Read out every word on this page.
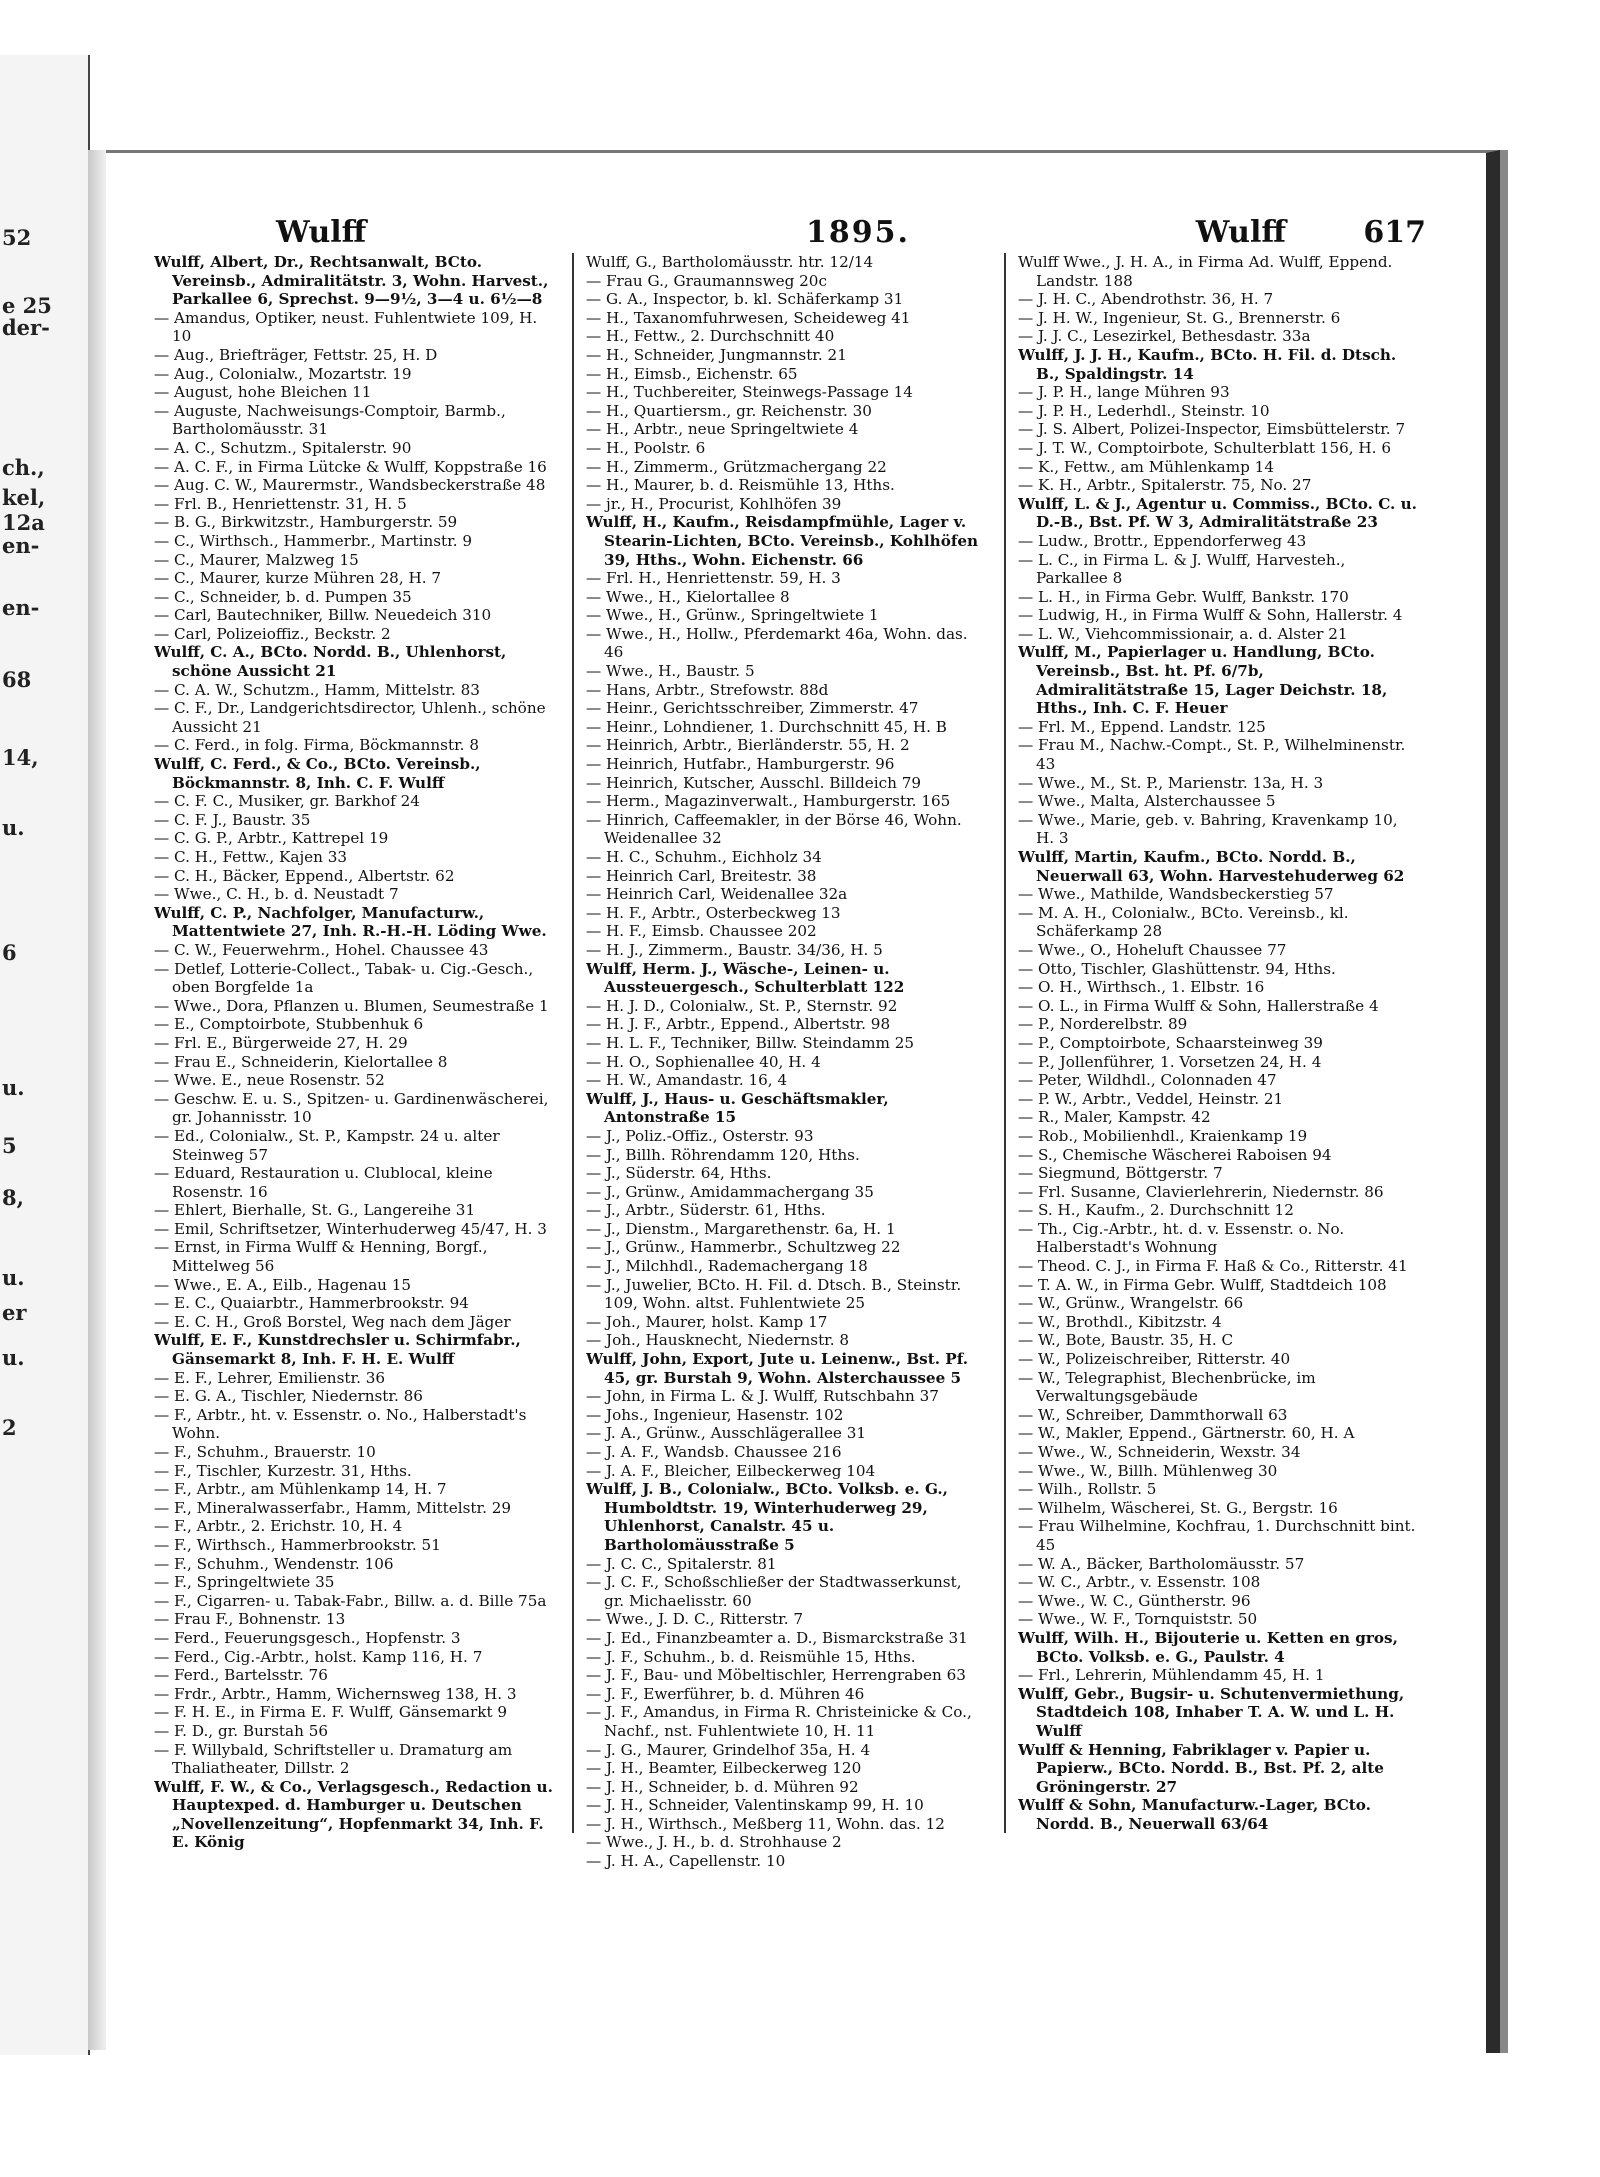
52
e 25
der-
ch.,
kel,
12a
en-
en-
68
14,
u.
6
u.
5
8,
u.
er
u.
2
Wulff	1895.	Wulff	617

Wulff, Albert, Dr., Rechtsanwalt, BCto. Vereinsb., Admiralitätstr. 3, Wohn. Harvest., Parkallee 6, Sprechst. 9—9½, 3—4 u. 6½—8

— Amandus, Optiker, neust. Fuhlentwiete 109, H. 10

— Aug., Briefträger, Fettstr. 25, H. D

— Aug., Colonialw., Mozartstr. 19

— August, hohe Bleichen 11

— Auguste, Nachweisungs-Comptoir, Barmb., Bartholomäusstr. 31

— A. C., Schutzm., Spitalerstr. 90

— A. C. F., in Firma Lütcke & Wulff, Koppstraße 16

— Aug. C. W., Maurermstr., Wandsbeckerstraße 48

— Frl. B., Henriettenstr. 31, H. 5

— B. G., Birkwitzstr., Hamburgerstr. 59

— C., Wirthsch., Hammerbr., Martinstr. 9

— C., Maurer, Malzweg 15

— C., Maurer, kurze Mühren 28, H. 7

— C., Schneider, b. d. Pumpen 35

— Carl, Bautechniker, Billw. Neuedeich 310

— Carl, Polizeioffiz., Beckstr. 2

Wulff, C. A., BCto. Nordd. B., Uhlenhorst, schöne Aussicht 21

— C. A. W., Schutzm., Hamm, Mittelstr. 83

— C. F., Dr., Landgerichtsdirector, Uhlenh., schöne Aussicht 21

— C. Ferd., in folg. Firma, Böckmannstr. 8

Wulff, C. Ferd., & Co., BCto. Vereinsb., Böckmannstr. 8, Inh. C. F. Wulff

— C. F. C., Musiker, gr. Barkhof 24

— C. F. J., Baustr. 35

— C. G. P., Arbtr., Kattrepel 19

— C. H., Fettw., Kajen 33

— C. H., Bäcker, Eppend., Albertstr. 62

— Wwe., C. H., b. d. Neustadt 7

Wulff, C. P., Nachfolger, Manufacturw., Mattentwiete 27, Inh. R.-H.-H. Löding Wwe.

— C. W., Feuerwehrm., Hohel. Chaussee 43

— Detlef, Lotterie-Collect., Tabak- u. Cig.-Gesch., oben Borgfelde 1a

— Wwe., Dora, Pflanzen u. Blumen, Seumestraße 1

— E., Comptoirbote, Stubbenhuk 6

— Frl. E., Bürgerweide 27, H. 29

— Frau E., Schneiderin, Kielortallee 8

— Wwe. E., neue Rosenstr. 52

— Geschw. E. u. S., Spitzen- u. Gardinenwäscherei, gr. Johannisstr. 10

— Ed., Colonialw., St. P., Kampstr. 24 u. alter Steinweg 57

— Eduard, Restauration u. Clublocal, kleine Rosenstr. 16

— Ehlert, Bierhalle, St. G., Langereihe 31

— Emil, Schriftsetzer, Winterhuderweg 45/47, H. 3

— Ernst, in Firma Wulff & Henning, Borgf., Mittelweg 56

— Wwe., E. A., Eilb., Hagenau 15

— E. C., Quaiarbtr., Hammerbrookstr. 94

— E. C. H., Groß Borstel, Weg nach dem Jäger

Wulff, E. F., Kunstdrechsler u. Schirmfabr., Gänsemarkt 8, Inh. F. H. E. Wulff

— E. F., Lehrer, Emilienstr. 36

— E. G. A., Tischler, Niedernstr. 86

— F., Arbtr., ht. v. Essenstr. o. No., Halberstadt's Wohn.

— F., Schuhm., Brauerstr. 10

— F., Tischler, Kurzestr. 31, Hths.

— F., Arbtr., am Mühlenkamp 14, H. 7

— F., Mineralwasserfabr., Hamm, Mittelstr. 29

— F., Arbtr., 2. Erichstr. 10, H. 4

— F., Wirthsch., Hammerbrookstr. 51

— F., Schuhm., Wendenstr. 106

— F., Springeltwiete 35

— F., Cigarren- u. Tabak-Fabr., Billw. a. d. Bille 75a

— Frau F., Bohnenstr. 13

— Ferd., Feuerungsgesch., Hopfenstr. 3

— Ferd., Cig.-Arbtr., holst. Kamp 116, H. 7

— Ferd., Bartelsstr. 76

— Frdr., Arbtr., Hamm, Wichernsweg 138, H. 3

— F. H. E., in Firma E. F. Wulff, Gänsemarkt 9

— F. D., gr. Burstah 56

— F. Willybald, Schriftsteller u. Dramaturg am Thaliatheater, Dillstr. 2

Wulff, F. W., & Co., Verlagsgesch., Redaction u. Hauptexped. d. Hamburger u. Deutschen „Novellenzeitung“, Hopfenmarkt 34, Inh. F. E. König

Wulff, G., Bartholomäusstr. htr. 12/14

— Frau G., Graumannsweg 20c

— G. A., Inspector, b. kl. Schäferkamp 31

— H., Taxanomfuhrwesen, Scheideweg 41

— H., Fettw., 2. Durchschnitt 40

— H., Schneider, Jungmannstr. 21

— H., Eimsb., Eichenstr. 65

— H., Tuchbereiter, Steinwegs-Passage 14

— H., Quartiersm., gr. Reichenstr. 30

— H., Arbtr., neue Springeltwiete 4

— H., Poolstr. 6

— H., Zimmerm., Grützmachergang 22

— H., Maurer, b. d. Reismühle 13, Hths.

— jr., H., Procurist, Kohlhöfen 39

Wulff, H., Kaufm., Reisdampfmühle, Lager v. Stearin-Lichten, BCto. Vereinsb., Kohlhöfen 39, Hths., Wohn. Eichenstr. 66

— Frl. H., Henriettenstr. 59, H. 3

— Wwe., H., Kielortallee 8

— Wwe., H., Grünw., Springeltwiete 1

— Wwe., H., Hollw., Pferdemarkt 46a, Wohn. das. 46

— Wwe., H., Baustr. 5

— Hans, Arbtr., Strefowstr. 88d

— Heinr., Gerichtsschreiber, Zimmerstr. 47

— Heinr., Lohndiener, 1. Durchschnitt 45, H. B

— Heinrich, Arbtr., Bierländerstr. 55, H. 2

— Heinrich, Hutfabr., Hamburgerstr. 96

— Heinrich, Kutscher, Ausschl. Billdeich 79

— Herm., Magazinverwalt., Hamburgerstr. 165

— Hinrich, Caffeemakler, in der Börse 46, Wohn. Weidenallee 32

— H. C., Schuhm., Eichholz 34

— Heinrich Carl, Breitestr. 38

— Heinrich Carl, Weidenallee 32a

— H. F., Arbtr., Osterbeckweg 13

— H. F., Eimsb. Chaussee 202

— H. J., Zimmerm., Baustr. 34/36, H. 5

Wulff, Herm. J., Wäsche-, Leinen- u. Aussteuergesch., Schulterblatt 122

— H. J. D., Colonialw., St. P., Sternstr. 92

— H. J. F., Arbtr., Eppend., Albertstr. 98

— H. L. F., Techniker, Billw. Steindamm 25

— H. O., Sophienallee 40, H. 4

— H. W., Amandastr. 16, 4

Wulff, J., Haus- u. Geschäftsmakler, Antonstraße 15

— J., Poliz.-Offiz., Osterstr. 93

— J., Billh. Röhrendamm 120, Hths.

— J., Süderstr. 64, Hths.

— J., Grünw., Amidammachergang 35

— J., Arbtr., Süderstr. 61, Hths.

— J., Dienstm., Margarethenstr. 6a, H. 1

— J., Grünw., Hammerbr., Schultzweg 22

— J., Milchhdl., Rademachergang 18

— J., Juwelier, BCto. H. Fil. d. Dtsch. B., Steinstr. 109, Wohn. altst. Fuhlentwiete 25

— Joh., Maurer, holst. Kamp 17

— Joh., Hausknecht, Niedernstr. 8

Wulff, John, Export, Jute u. Leinenw., Bst. Pf. 45, gr. Burstah 9, Wohn. Alsterchaussee 5

— John, in Firma L. & J. Wulff, Rutschbahn 37

— Johs., Ingenieur, Hasenstr. 102

— J. A., Grünw., Ausschlägerallee 31

— J. A. F., Wandsb. Chaussee 216

— J. A. F., Bleicher, Eilbeckerweg 104

Wulff, J. B., Colonialw., BCto. Volksb. e. G., Humboldtstr. 19, Winterhuderweg 29, Uhlenhorst, Canalstr. 45 u. Bartholomäusstraße 5

— J. C. C., Spitalerstr. 81

— J. C. F., Schoßschließer der Stadtwasserkunst, gr. Michaelisstr. 60

— Wwe., J. D. C., Ritterstr. 7

— J. Ed., Finanzbeamter a. D., Bismarckstraße 31

— J. F., Schuhm., b. d. Reismühle 15, Hths.

— J. F., Bau- und Möbeltischler, Herrengraben 63

— J. F., Ewerführer, b. d. Mühren 46

— J. F., Amandus, in Firma R. Christeinicke & Co., Nachf., nst. Fuhlentwiete 10, H. 11

— J. G., Maurer, Grindelhof 35a, H. 4

— J. H., Beamter, Eilbeckerweg 120

— J. H., Schneider, b. d. Mühren 92

— J. H., Schneider, Valentinskamp 99, H. 10

— J. H., Wirthsch., Meßberg 11, Wohn. das. 12

— Wwe., J. H., b. d. Strohhause 2

— J. H. A., Capellenstr. 10

Wulff Wwe., J. H. A., in Firma Ad. Wulff, Eppend. Landstr. 188

— J. H. C., Abendrothstr. 36, H. 7

— J. H. W., Ingenieur, St. G., Brennerstr. 6

— J. J. C., Lesezirkel, Bethesdastr. 33a

Wulff, J. J. H., Kaufm., BCto. H. Fil. d. Dtsch. B., Spaldingstr. 14

— J. P. H., lange Mühren 93

— J. P. H., Lederhdl., Steinstr. 10

— J. S. Albert, Polizei-Inspector, Eimsbüttelerstr. 7

— J. T. W., Comptoirbote, Schulterblatt 156, H. 6

— K., Fettw., am Mühlenkamp 14

— K. H., Arbtr., Spitalerstr. 75, No. 27

Wulff, L. & J., Agentur u. Commiss., BCto. C. u. D.-B., Bst. Pf. W 3, Admiralitätstraße 23

— Ludw., Brottr., Eppendorferweg 43

— L. C., in Firma L. & J. Wulff, Harvesteh., Parkallee 8

— L. H., in Firma Gebr. Wulff, Bankstr. 170

— Ludwig, H., in Firma Wulff & Sohn, Hallerstr. 4

— L. W., Viehcommissionair, a. d. Alster 21

Wulff, M., Papierlager u. Handlung, BCto. Vereinsb., Bst. ht. Pf. 6/7b, Admiralitätstraße 15, Lager Deichstr. 18, Hths., Inh. C. F. Heuer

— Frl. M., Eppend. Landstr. 125

— Frau M., Nachw.-Compt., St. P., Wilhelminenstr. 43

— Wwe., M., St. P., Marienstr. 13a, H. 3

— Wwe., Malta, Alsterchaussee 5

— Wwe., Marie, geb. v. Bahring, Kravenkamp 10, H. 3

Wulff, Martin, Kaufm., BCto. Nordd. B., Neuerwall 63, Wohn. Harvestehuderweg 62

— Wwe., Mathilde, Wandsbeckerstieg 57

— M. A. H., Colonialw., BCto. Vereinsb., kl. Schäferkamp 28

— Wwe., O., Hoheluft Chaussee 77

— Otto, Tischler, Glashüttenstr. 94, Hths.

— O. H., Wirthsch., 1. Elbstr. 16

— O. L., in Firma Wulff & Sohn, Hallerstraße 4

— P., Norderelbstr. 89

— P., Comptoirbote, Schaarsteinweg 39

— P., Jollenführer, 1. Vorsetzen 24, H. 4

— Peter, Wildhdl., Colonnaden 47

— P. W., Arbtr., Veddel, Heinstr. 21

— R., Maler, Kampstr. 42

— Rob., Mobilienhdl., Kraienkamp 19

— S., Chemische Wäscherei Raboisen 94

— Siegmund, Böttgerstr. 7

— Frl. Susanne, Clavierlehrerin, Niedernstr. 86

— S. H., Kaufm., 2. Durchschnitt 12

— Th., Cig.-Arbtr., ht. d. v. Essenstr. o. No. Halberstadt's Wohnung

— Theod. C. J., in Firma F. Haß & Co., Ritterstr. 41

— T. A. W., in Firma Gebr. Wulff, Stadtdeich 108

— W., Grünw., Wrangelstr. 66

— W., Brothdl., Kibitzstr. 4

— W., Bote, Baustr. 35, H. C

— W., Polizeischreiber, Ritterstr. 40

— W., Telegraphist, Blechenbrücke, im Verwaltungsgebäude

— W., Schreiber, Dammthorwall 63

— W., Makler, Eppend., Gärtnerstr. 60, H. A

— Wwe., W., Schneiderin, Wexstr. 34

— Wwe., W., Billh. Mühlenweg 30

— Wilh., Rollstr. 5

— Wilhelm, Wäscherei, St. G., Bergstr. 16

— Frau Wilhelmine, Kochfrau, 1. Durchschnitt bint. 45

— W. A., Bäcker, Bartholomäusstr. 57

— W. C., Arbtr., v. Essenstr. 108

— Wwe., W. C., Güntherstr. 96

— Wwe., W. F., Tornquiststr. 50

Wulff, Wilh. H., Bijouterie u. Ketten en gros, BCto. Volksb. e. G., Paulstr. 4

— Frl., Lehrerin, Mühlendamm 45, H. 1

Wulff, Gebr., Bugsir- u. Schutenvermiethung, Stadtdeich 108, Inhaber T. A. W. und L. H. Wulff

Wulff & Henning, Fabriklager v. Papier u. Papierw., BCto. Nordd. B., Bst. Pf. 2, alte Gröningerstr. 27

Wulff & Sohn, Manufacturw.-Lager, BCto. Nordd. B., Neuerwall 63/64
